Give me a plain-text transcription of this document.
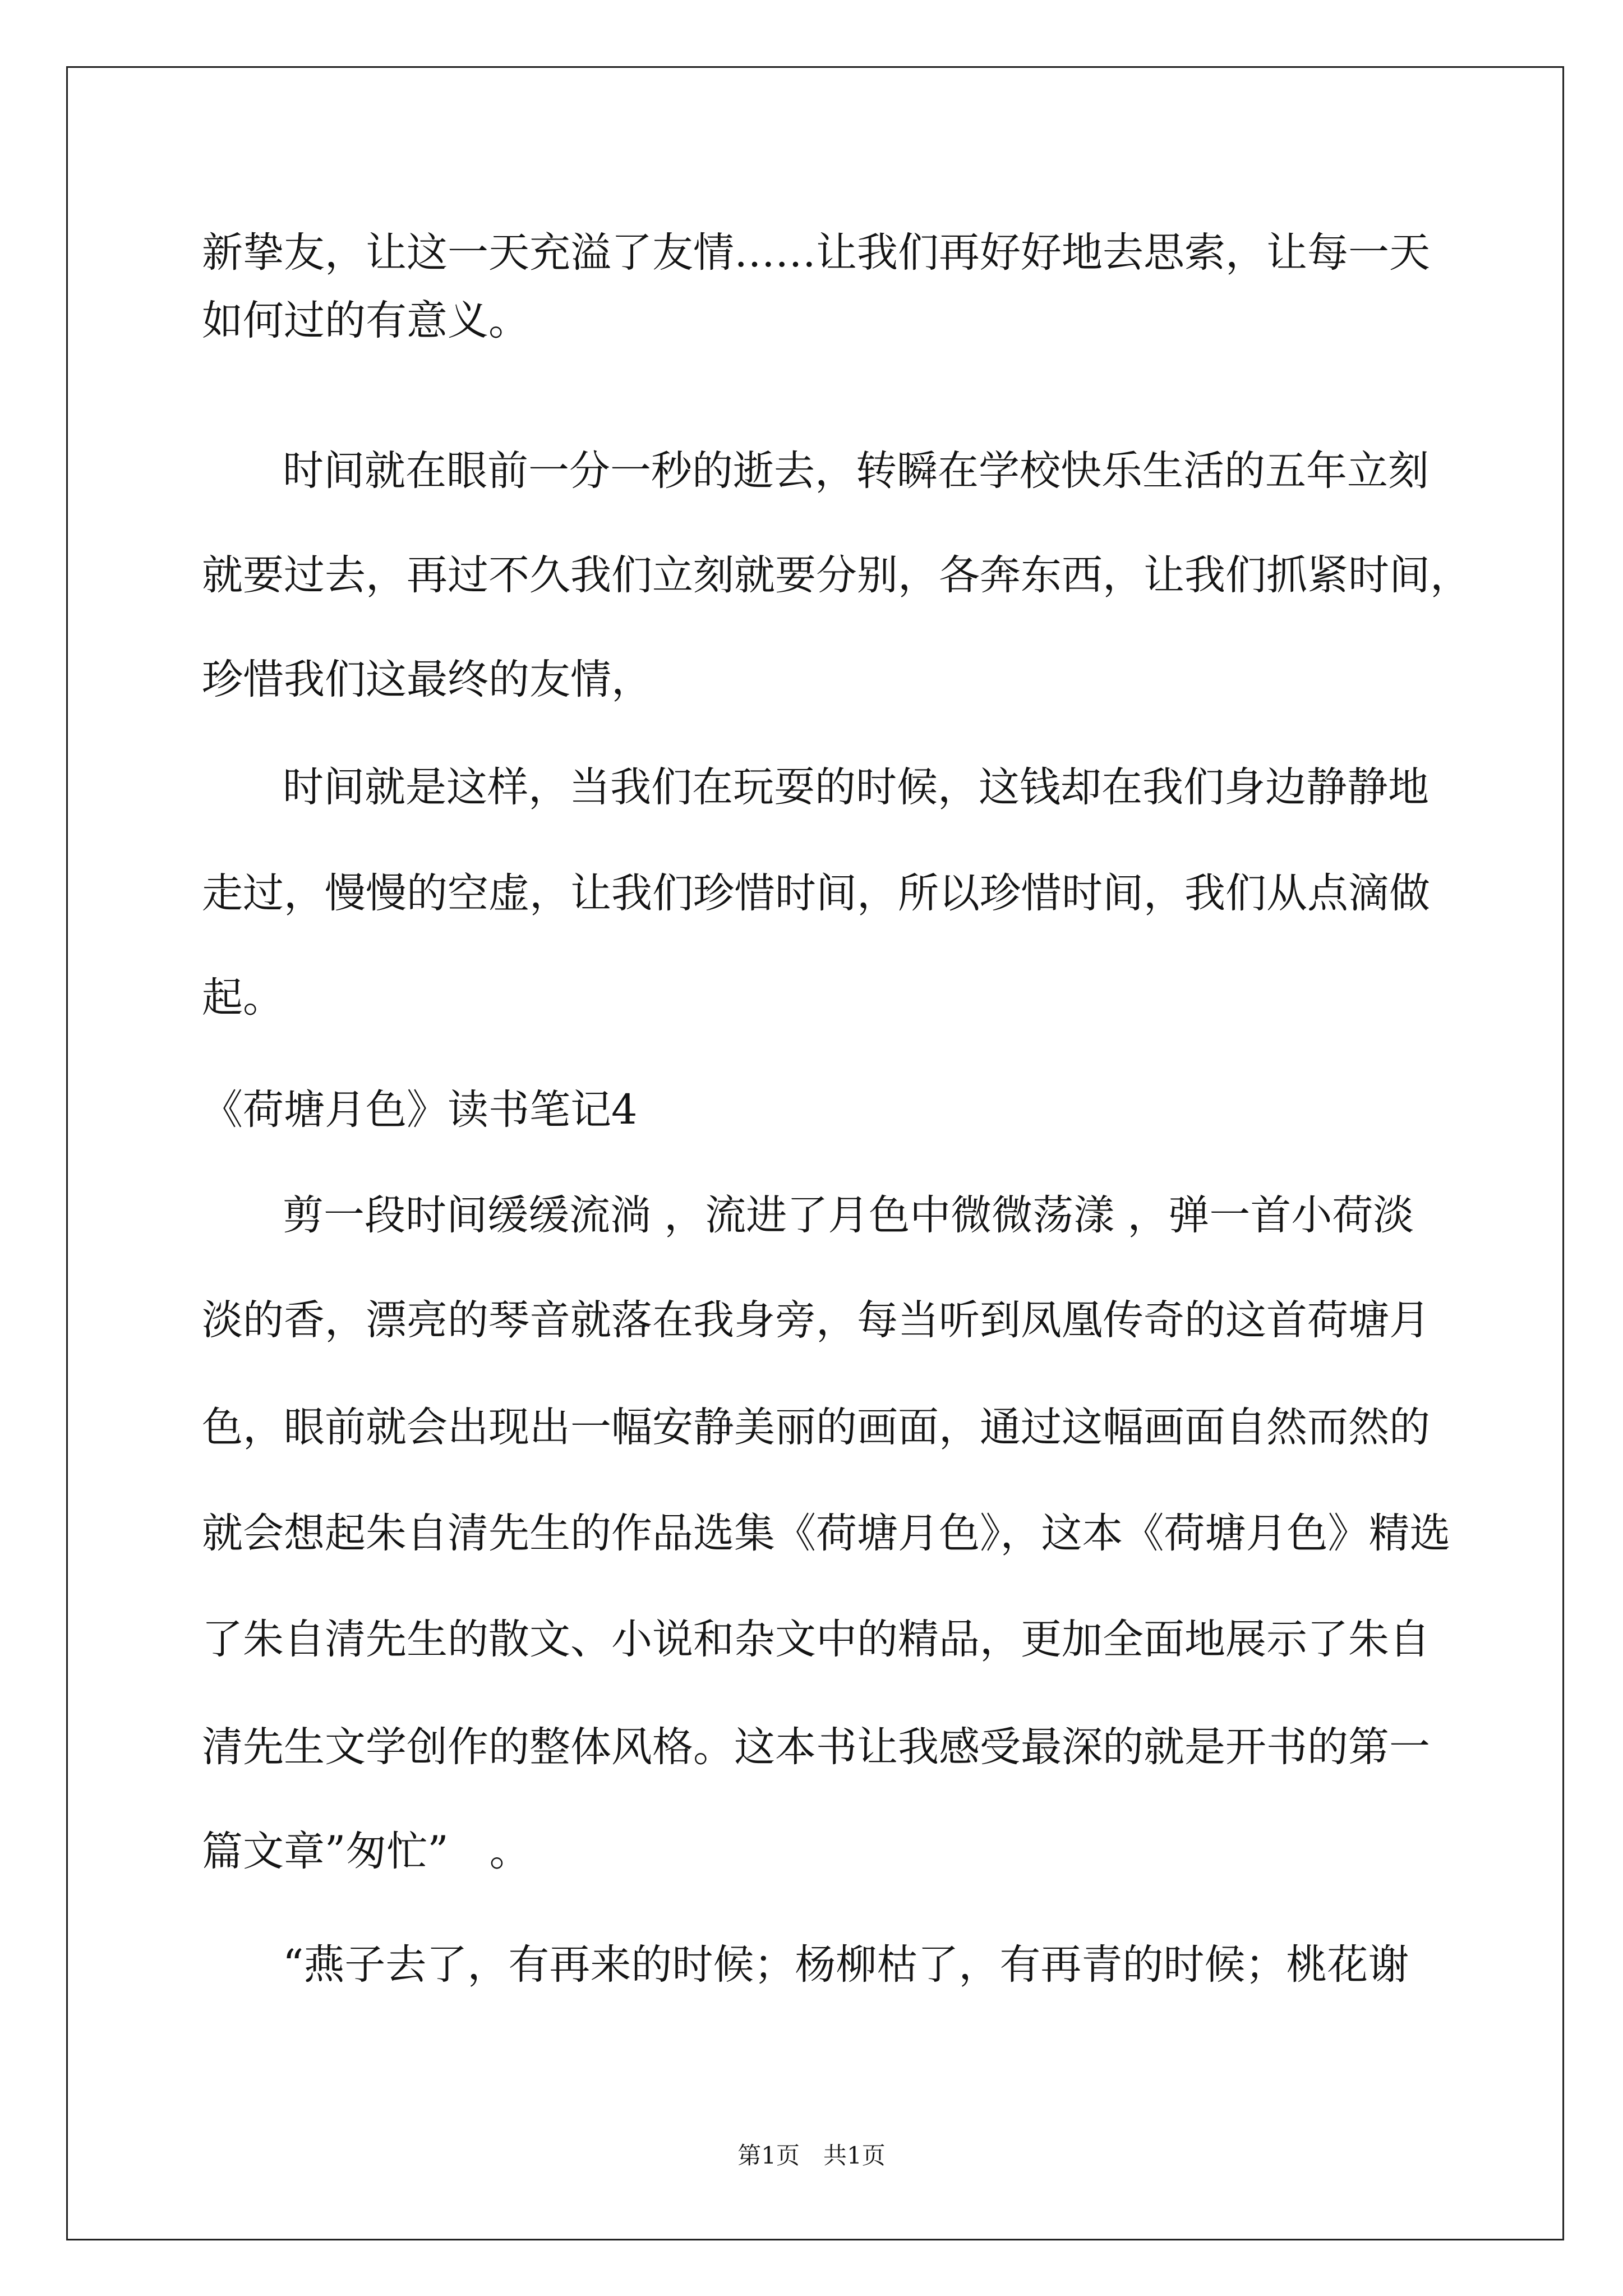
新挚友，让这一天充溢了友情……让我们再好好地去思索，让每一天
如何过的有意义。
时间就在眼前一分一秒的逝去，转瞬在学校快乐生活的五年立刻
就要过去，再过不久我们立刻就要分别，各奔东西，让我们抓紧时间，
珍惜我们这最终的友情，
时间就是这样，当我们在玩耍的时候，这钱却在我们身边静静地
走过，慢慢的空虚，让我们珍惜时间，所以珍惜时间，我们从点滴做
起。
《荷塘月色》读书笔记4
剪一段时间缓缓流淌 ，流进了月色中微微荡漾 ，弹一首小荷淡
淡的香，漂亮的琴音就落在我身旁，每当听到凤凰传奇的这首荷塘月
色，眼前就会出现出一幅安静美丽的画面，通过这幅画面自然而然的
就会想起朱自清先生的作品选集《荷塘月色》，这本《荷塘月色》精选
了朱自清先生的散文、小说和杂文中的精品，更加全面地展示了朱自
清先生文学创作的整体风格。这本书让我感受最深的就是开书的第一
篇文章”匆忙”　。
“燕子去了，有再来的时候；杨柳枯了，有再青的时候；桃花谢
第1页　共1页
